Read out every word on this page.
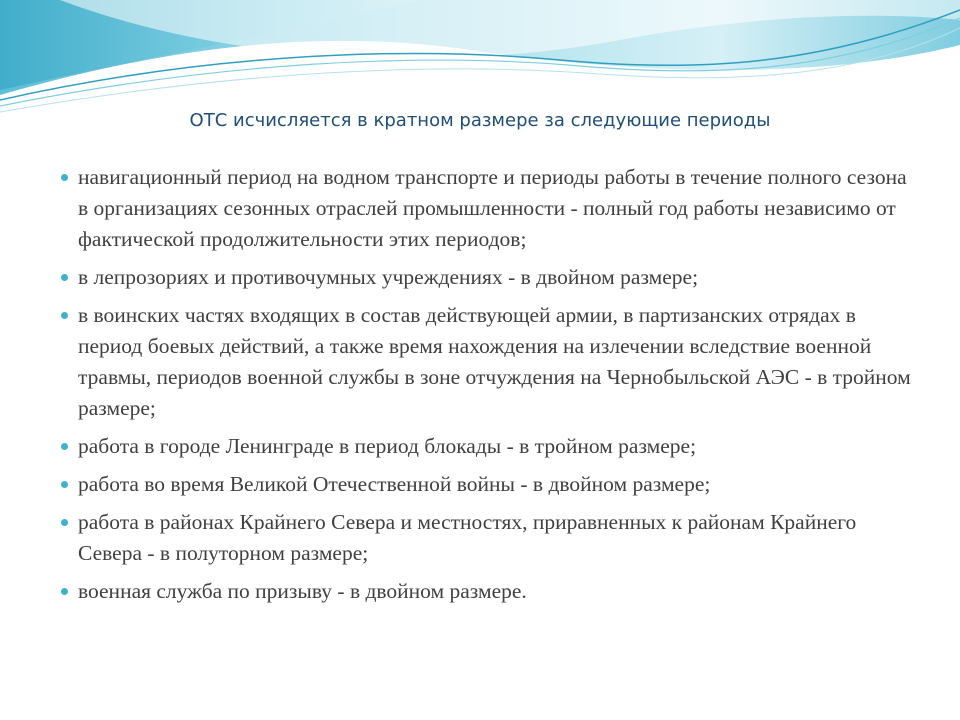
ОТС исчисляется в кратном размере за следующие периоды
навигационный период на водном транспорте и периоды работы в течение полного сезона в организациях сезонных отраслей промышленности - полный год работы независимо от фактической продолжительности этих периодов;
в лепрозориях и противочумных учреждениях - в двойном размере;
в воинских частях входящих в состав действующей армии, в партизанских отрядах в период боевых действий, а также время нахождения на излечении вследствие военной травмы, периодов военной службы в зоне отчуждения на Чернобыльской АЭС - в тройном размере;
работа в городе Ленинграде в период блокады - в тройном размере;
работа во время Великой Отечественной войны - в двойном размере;
работа в районах Крайнего Севера и местностях, приравненных к районам Крайнего Севера - в полуторном размере;
военная служба по призыву - в двойном размере.
